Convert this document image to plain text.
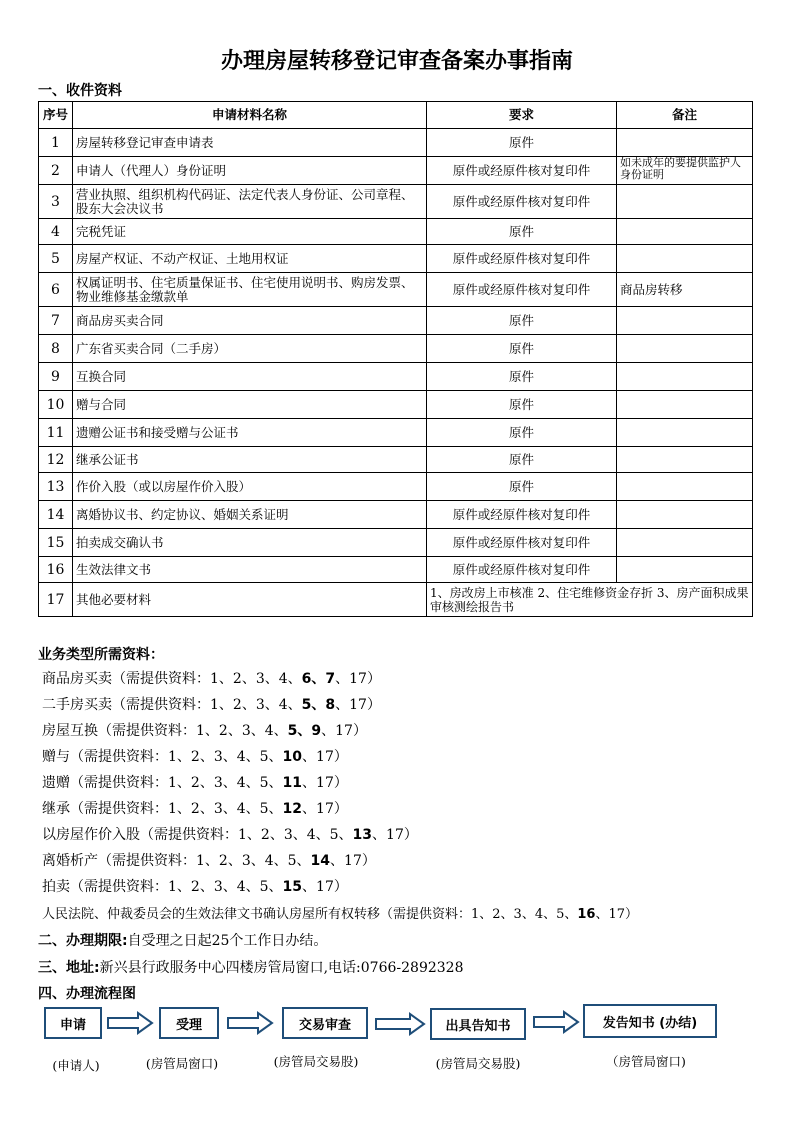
办理房屋转移登记审查备案办事指南
一、收件资料
序号	申请材料名称	要求	备注
1	房屋转移登记审查申请表	原件	
2	申请人（代理人）身份证明	原件或经原件核对复印件	如未成年的要提供监护人身份证明
3	营业执照、组织机构代码证、法定代表人身份证、公司章程、股东大会决议书	原件或经原件核对复印件	
4	完税凭证	原件	
5	房屋产权证、不动产权证、土地用权证	原件或经原件核对复印件	
6	权属证明书、住宅质量保证书、住宅使用说明书、购房发票、物业维修基金缴款单	原件或经原件核对复印件	商品房转移
7	商品房买卖合同	原件	
8	广东省买卖合同（二手房）	原件	
9	互换合同	原件	
10	赠与合同	原件	
11	遗赠公证书和接受赠与公证书	原件	
12	继承公证书	原件	
13	作价入股（或以房屋作价入股）	原件	
14	离婚协议书、约定协议、婚姻关系证明	原件或经原件核对复印件	
15	拍卖成交确认书	原件或经原件核对复印件	
16	生效法律文书	原件或经原件核对复印件	
17	其他必要材料	1、房改房上市核准 2、住宅维修资金存折 3、房产面积成果审核测绘报告书	
业务类型所需资料：
商品房买卖（需提供资料：1、2、3、4、6、7、17）
二手房买卖（需提供资料：1、2、3、4、5、8、17）
房屋互换（需提供资料：1、2、3、4、5、9、17）
赠与（需提供资料：1、2、3、4、5、10、17）
遗赠（需提供资料：1、2、3、4、5、11、17）
继承（需提供资料：1、2、3、4、5、12、17）
以房屋作价入股（需提供资料：1、2、3、4、5、13、17）
离婚析产（需提供资料：1、2、3、4、5、14、17）
拍卖（需提供资料：1、2、3、4、5、15、17）
人民法院、仲裁委员会的生效法律文书确认房屋所有权转移（需提供资料：1、2、3、4、5、16、17）
二、办理期限:自受理之日起25个工作日办结。
三、地址:新兴县行政服务中心四楼房管局窗口,电话:0766-2892328
四、办理流程图
申请	受理	交易审查	出具告知书	发告知书 (办结)
(申请人)	(房管局窗口)	(房管局交易股)	(房管局交易股)	（房管局窗口)
